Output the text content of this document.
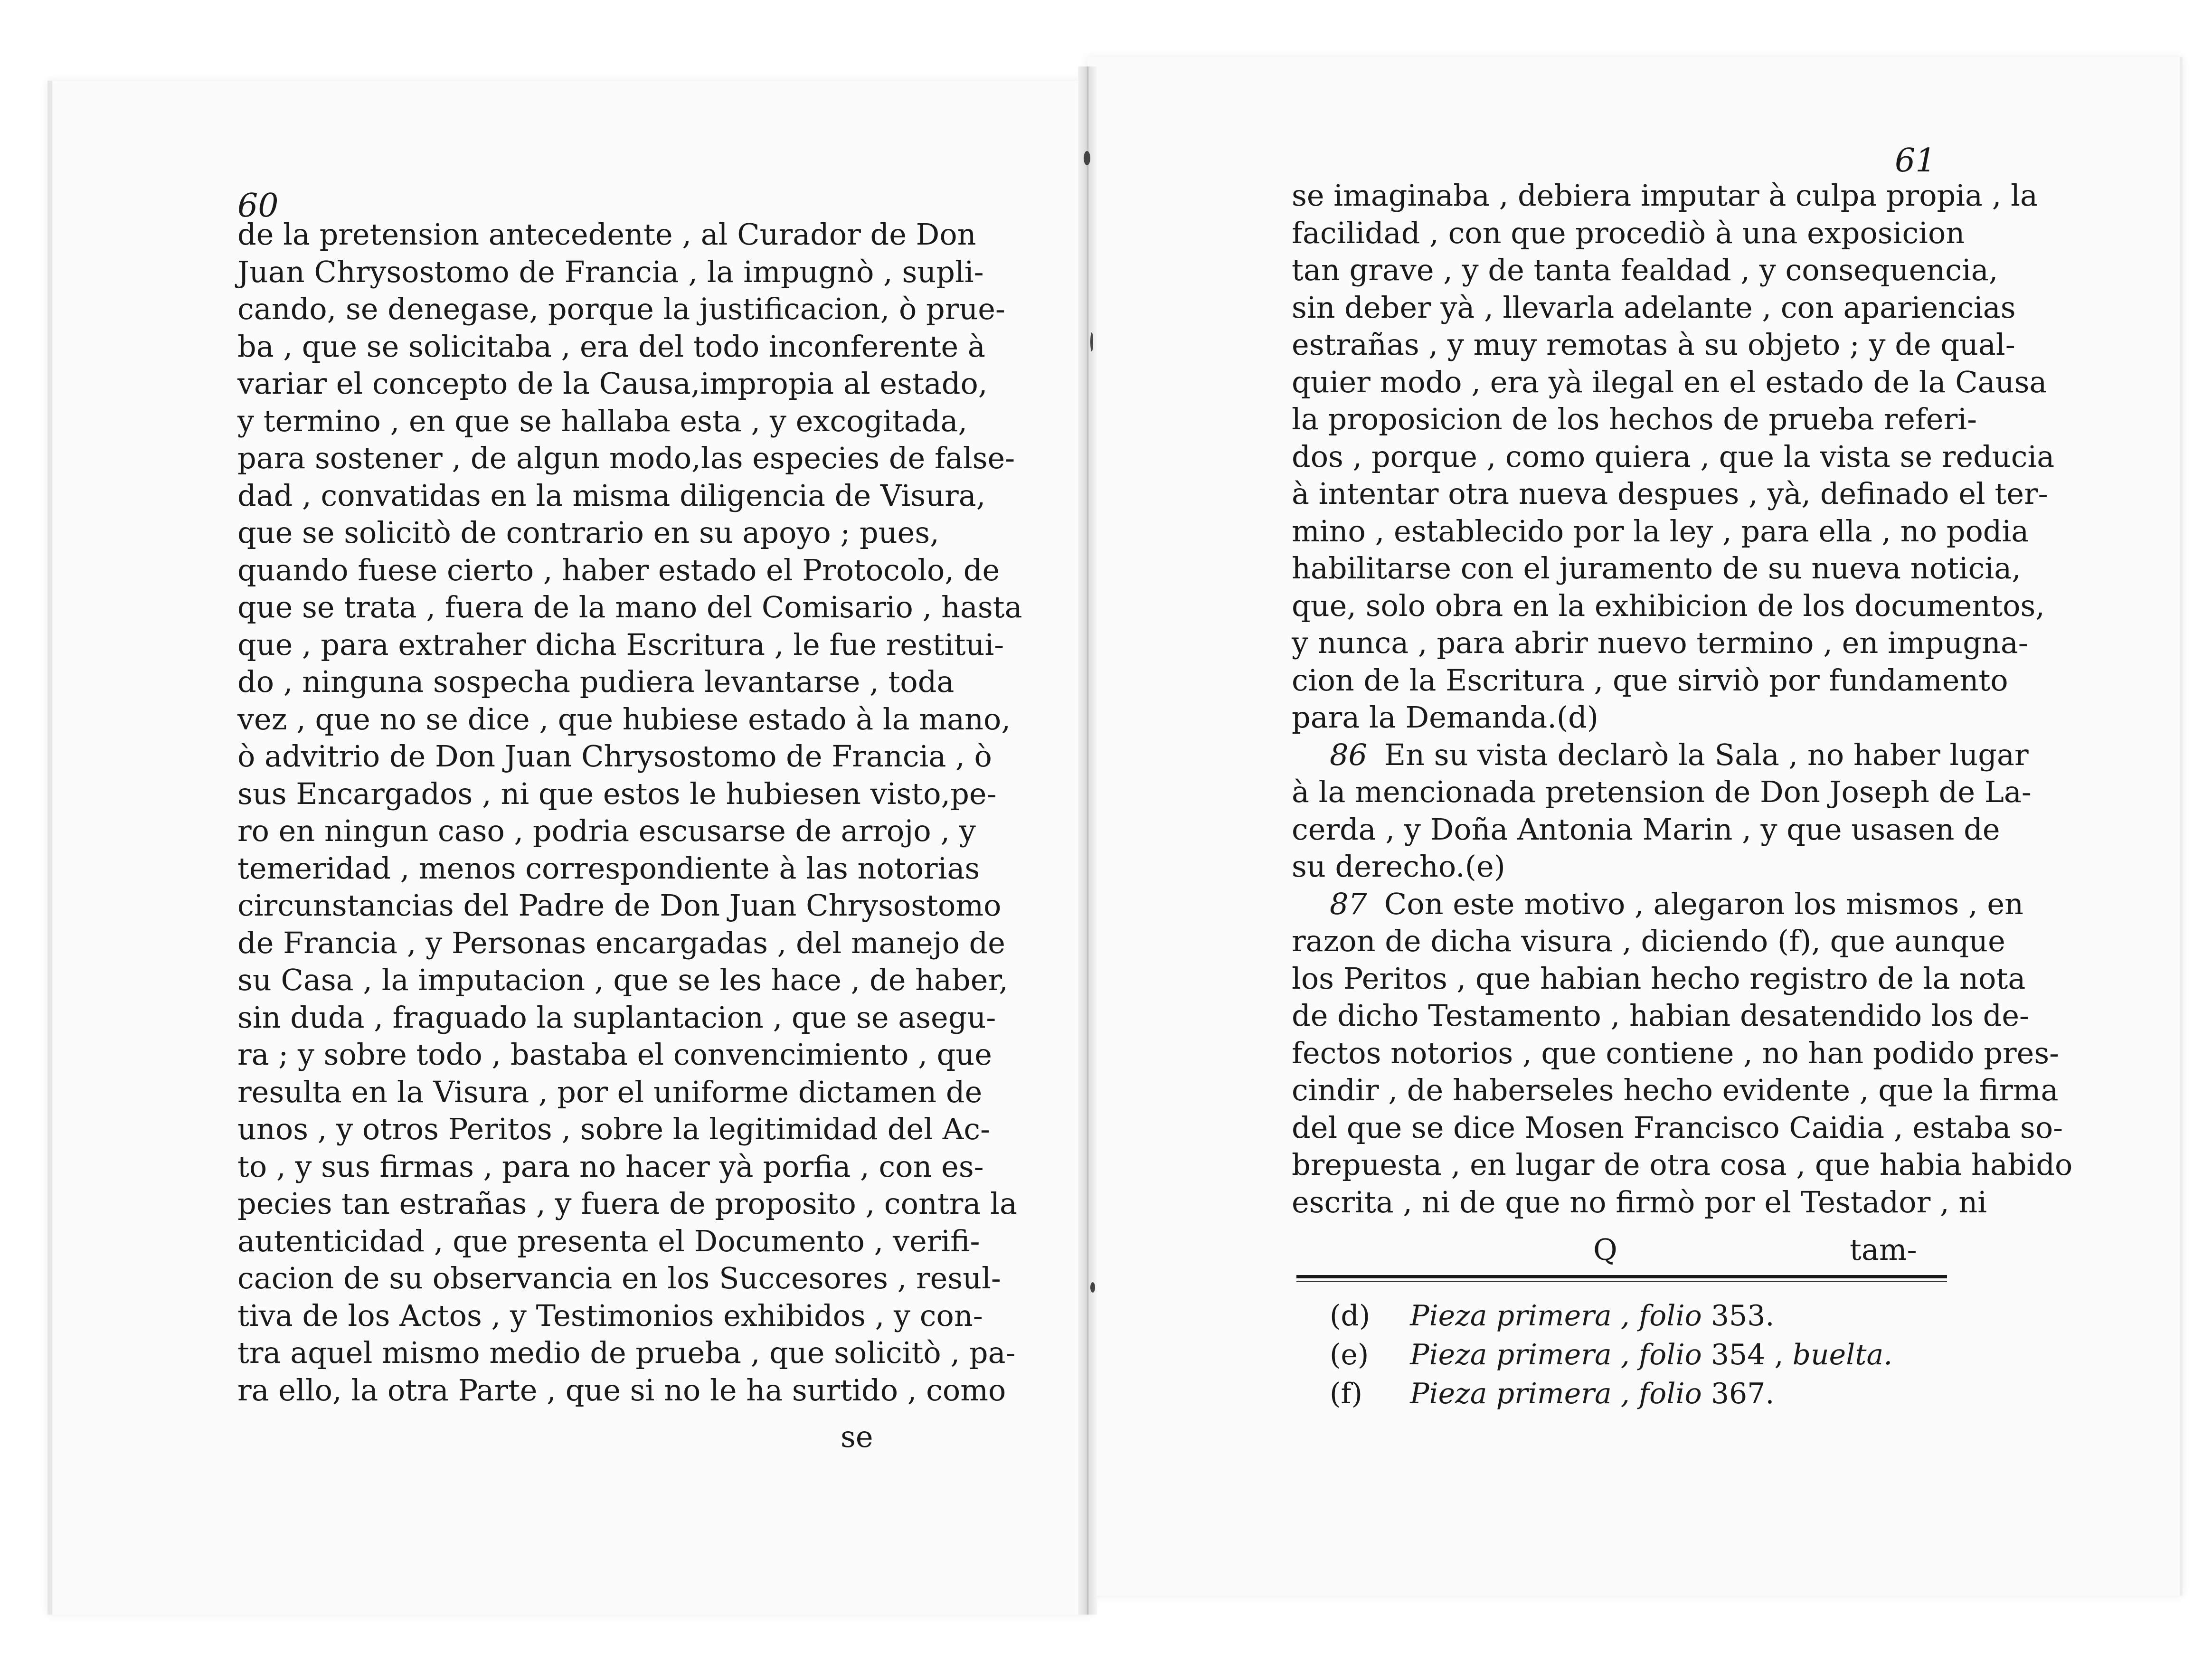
60
de la pretension antecedente , al Curador de Don
Juan Chrysostomo de Francia , la impugnò , supli-
cando, se denegase, porque la justificacion, ò prue-
ba , que se solicitaba , era del todo inconferente à
variar el concepto de la Causa,impropia al estado,
y termino , en que se hallaba esta , y excogitada,
para sostener , de algun modo,las especies de false-
dad , convatidas en la misma diligencia de Visura,
que se solicitò de contrario en su apoyo ; pues,
quando fuese cierto , haber estado el Protocolo, de
que se trata , fuera de la mano del Comisario , hasta
que , para extraher dicha Escritura , le fue restitui-
do , ninguna sospecha pudiera levantarse , toda
vez , que no se dice , que hubiese estado à la mano,
ò advitrio de Don Juan Chrysostomo de Francia , ò
sus Encargados , ni que estos le hubiesen visto,pe-
ro en ningun caso , podria escusarse de arrojo , y
temeridad , menos correspondiente à las notorias
circunstancias del Padre de Don Juan Chrysostomo
de Francia , y Personas encargadas , del manejo de
su Casa , la imputacion , que se les hace , de haber,
sin duda , fraguado la suplantacion , que se asegu-
ra ; y sobre todo , bastaba el convencimiento , que
resulta en la Visura , por el uniforme dictamen de
unos , y otros Peritos , sobre la legitimidad del Ac-
to , y sus firmas , para no hacer yà porfia , con es-
pecies tan estrañas , y fuera de proposito , contra la
autenticidad , que presenta el Documento , verifi-
cacion de su observancia en los Succesores , resul-
tiva de los Actos , y Testimonios exhibidos , y con-
tra aquel mismo medio de prueba , que solicitò , pa-
ra ello, la otra Parte , que si no le ha surtido , como
se
61
se imaginaba , debiera imputar à culpa propia , la
facilidad , con que procediò à una exposicion
tan grave , y de tanta fealdad , y consequencia,
sin deber yà , llevarla adelante , con apariencias
estrañas , y muy remotas à su objeto ; y de qual-
quier modo , era yà ilegal en el estado de la Causa
la proposicion de los hechos de prueba referi-
dos , porque , como quiera , que la vista se reducia
à intentar otra nueva despues , yà, definado el ter-
mino , establecido por la ley , para ella , no podia
habilitarse con el juramento de su nueva noticia,
que, solo obra en la exhibicion de los documentos,
y nunca , para abrir nuevo termino , en impugna-
cion de la Escritura , que sirviò por fundamento
para la Demanda.(d)
86 En su vista declarò la Sala , no haber lugar
à la mencionada pretension de Don Joseph de La-
cerda , y Doña Antonia Marin , y que usasen de
su derecho.(e)
87 Con este motivo , alegaron los mismos , en
razon de dicha visura , diciendo (f), que aunque
los Peritos , que habian hecho registro de la nota
de dicho Testamento , habian desatendido los de-
fectos notorios , que contiene , no han podido pres-
cindir , de haberseles hecho evidente , que la firma
del que se dice Mosen Francisco Caidia , estaba so-
brepuesta , en lugar de otra cosa , que habia habido
escrita , ni de que no firmò por el Testador , ni
Q	tam-
(d) Pieza primera , folio 353.
(e) Pieza primera , folio 354 , buelta.
(f) Pieza primera , folio 367.
